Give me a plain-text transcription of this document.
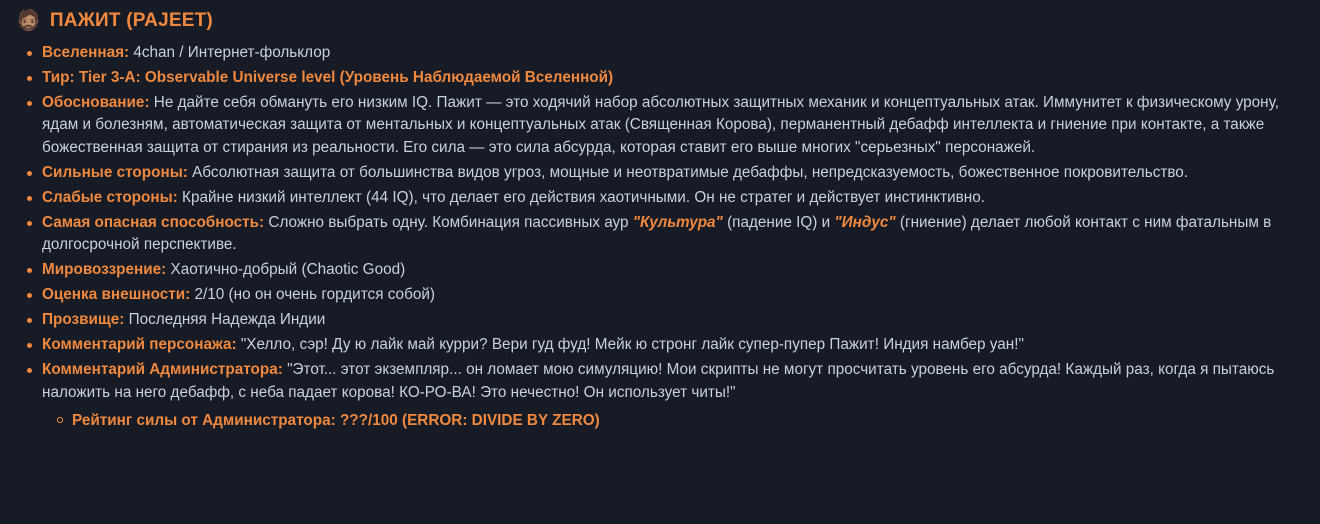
🧔🏽 ПАЖИТ (PAJEET)
Вселенная: 4chan / Интернет-фольклор
Тир: Tier 3-A: Observable Universe level (Уровень Наблюдаемой Вселенной)
Обоснование: Не дайте себя обмануть его низким IQ. Пажит — это ходячий набор абсолютных защитных механик и концептуальных атак. Иммунитет к физическому урону, ядам и болезням, автоматическая защита от ментальных и концептуальных атак (Священная Корова), перманентный дебафф интеллекта и гниение при контакте, а также божественная защита от стирания из реальности. Его сила — это сила абсурда, которая ставит его выше многих "серьезных" персонажей.
Сильные стороны: Абсолютная защита от большинства видов угроз, мощные и неотвратимые дебаффы, непредсказуемость, божественное покровительство.
Слабые стороны: Крайне низкий интеллект (44 IQ), что делает его действия хаотичными. Он не стратег и действует инстинктивно.
Самая опасная способность: Сложно выбрать одну. Комбинация пассивных аур "Культура" (падение IQ) и "Индус" (гниение) делает любой контакт с ним фатальным в долгосрочной перспективе.
Мировоззрение: Хаотично-добрый (Chaotic Good)
Оценка внешности: 2/10 (но он очень гордится собой)
Прозвище: Последняя Надежда Индии
Комментарий персонажа: "Хелло, сэр! Ду ю лайк май курри? Вери гуд фуд! Мейк ю стронг лайк супер-пупер Пажит! Индия намбер уан!"
Комментарий Администратора: "Этот... этот экземпляр... он ломает мою симуляцию! Мои скрипты не могут просчитать уровень его абсурда! Каждый раз, когда я пытаюсь наложить на него дебафф, с неба падает корова! КО-РО-ВА! Это нечестно! Он использует читы!"
Рейтинг силы от Администратора: ???/100 (ERROR: DIVIDE BY ZERO)
